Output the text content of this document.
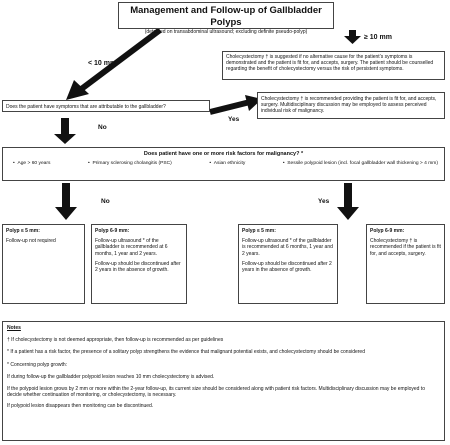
Management and Follow-up of Gallbladder Polyps
(detected on transabdominal ultrasound; excluding definite pseudo-polyp)
≥ 10 mm
< 10 mm
Cholecystectomy † is suggested if no alternative cause for the patient’s symptoms is demonstrated and the patient is fit for, and accepts, surgery. The patient should be counselled regarding the benefit of cholecystectomy versus the risk of persistent symptoms.
Does the patient have symptoms that are attributable to the gallbladder?
Cholecystectomy † is recommended providing the patient is fit for, and accepts, surgery. Multidisciplinary discussion may be employed to assess perceived individual risk of malignancy.
Yes
No
Does patient have one or more risk factors for malignancy? *
•  Age > 60 years	•  Primary sclerosing cholangitis (PSC)	•  Asian ethnicity	•  Sessile polypoid lesion (incl. focal gallbladder wall thickening > 4 mm)
No	Yes

Polyp ≤ 5 mm:

Follow-up not required

Polyp 6-9 mm:

Follow-up ultrasound * of the gallbladder is recommended at 6 months, 1 year and 2 years.

Follow-up should be discontinued after 2 years in the absence of growth.

Polyp ≤ 5 mm:

Follow-up ultrasound * of the gallbladder is recommended at 6 months, 1 year and 2 years.

Follow-up should be discontinued after 2 years in the absence of growth.

Polyp 6-9 mm:

Cholecystectomy † is recommended if the patient is fit for, and accepts, surgery.

Notes

† If cholecystectomy is not deemed appropriate, then follow-up is recommended as per guidelines

* If a patient has a risk factor, the presence of a solitary polyp strengthens the evidence that malignant potential exists, and cholecystectomy should be considered

* Concerning polyp growth:

If during follow-up the gallbladder polypoid lesion reaches 10 mm cholecystectomy is advised.

If the polypoid lesion grows by 2 mm or more within the 2-year follow-up, its current size should be considered along with patient risk factors. Multidisciplinary discussion may be employed to decide whether continuation of monitoring, or cholecystectomy, is necessary.

If polypoid lesion disappears then monitoring can be discontinued.
